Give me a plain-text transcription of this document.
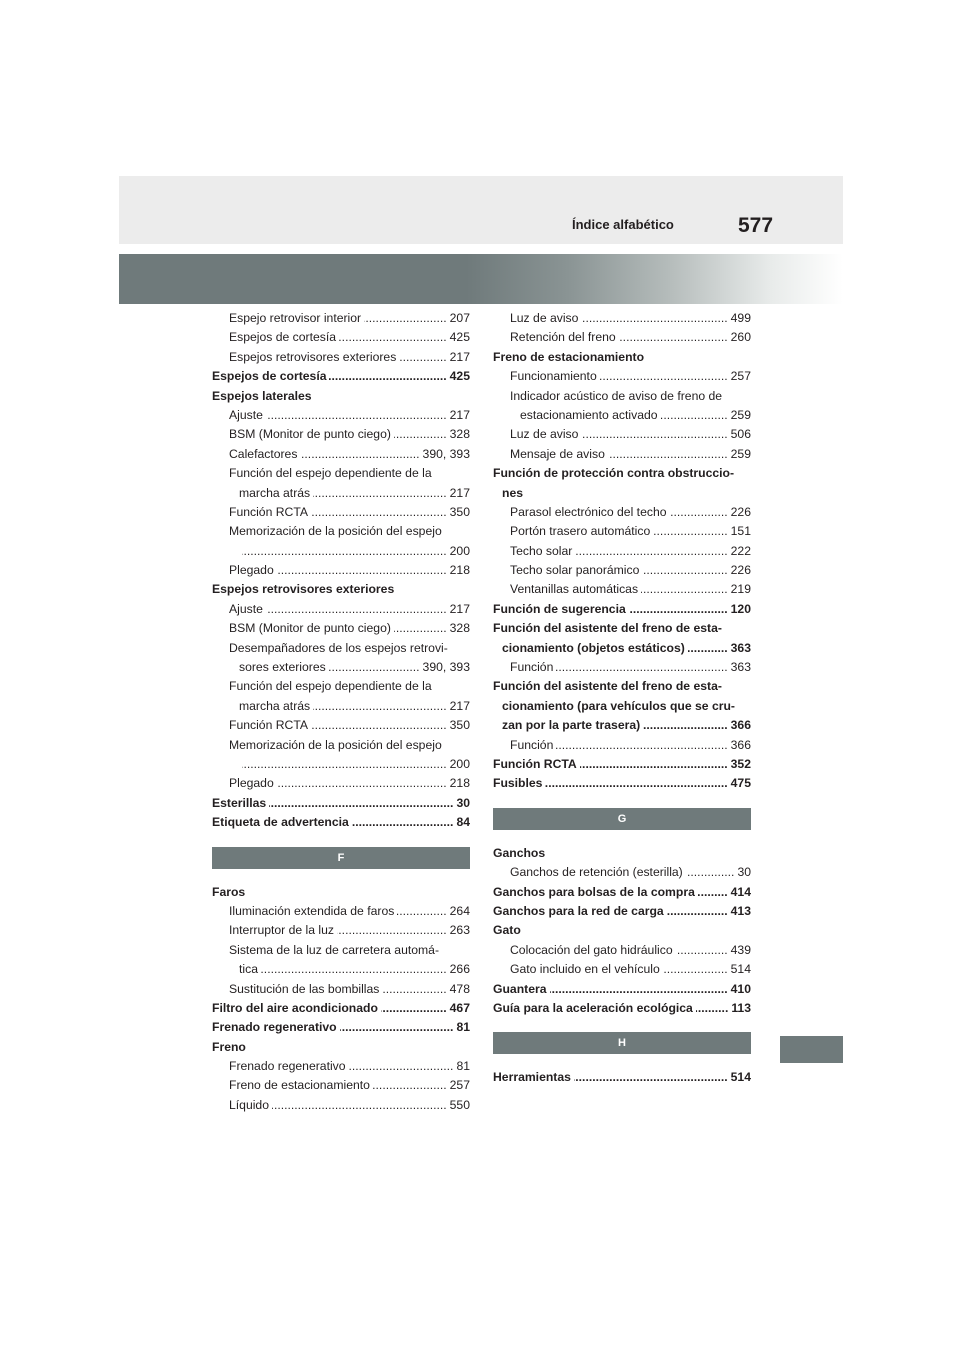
Índice alfabético	577
Espejo retrovisor interior	207
.....
Espejos de cortesía	425
.....
Espejos retrovisores exteriores	217
.....
Espejos de cortesía	425
.....
Espejos laterales
Ajuste	217
.....
BSM (Monitor de punto ciego)	328
.....
Calefactores	390, 393
.....
Función del espejo dependiente de la
marcha atrás	217
.....
Función RCTA	350
.....
Memorización de la posición del espejo
200
.....
Plegado	218
.....
Espejos retrovisores exteriores
Ajuste	217
.....
BSM (Monitor de punto ciego)	328
.....
Desempañadores de los espejos retrovi-
sores exteriores	390, 393
.....
Función del espejo dependiente de la
marcha atrás	217
.....
Función RCTA	350
.....
Memorización de la posición del espejo
200
.....
Plegado	218
.....
Esterillas	30
.....
Etiqueta de advertencia	84
.....
F
Faros
Iluminación extendida de faros	264
.....
Interruptor de la luz	263
.....
Sistema de la luz de carretera automá-
tica	266
.....
Sustitución de las bombillas	478
.....
Filtro del aire acondicionado	467
.....
Frenado regenerativo	81
.....
Freno
Frenado regenerativo	81
.....
Freno de estacionamiento	257
.....
Líquido	550
.....
Luz de aviso	499
.....
Retención del freno	260
.....
Freno de estacionamiento
Funcionamiento	257
.....
Indicador acústico de aviso de freno de
estacionamiento activado	259
.....
Luz de aviso	506
.....
Mensaje de aviso	259
.....
Función de protección contra obstruccio-
nes
Parasol electrónico del techo	226
.....
Portón trasero automático	151
.....
Techo solar	222
.....
Techo solar panorámico	226
.....
Ventanillas automáticas	219
.....
Función de sugerencia	120
.....
Función del asistente del freno de esta-
cionamiento (objetos estáticos)	363
.....
Función	363
.....
Función del asistente del freno de esta-
cionamiento (para vehículos que se cru-
zan por la parte trasera)	366
.....
Función	366
.....
Función RCTA	352
.....
Fusibles	475
.....
G
Ganchos
Ganchos de retención (esterilla)	30
.....
Ganchos para bolsas de la compra	414
.....
Ganchos para la red de carga	413
.....
Gato
Colocación del gato hidráulico	439
.....
Gato incluido en el vehículo	514
.....
Guantera	410
.....
Guía para la aceleración ecológica	113
.....
H
Herramientas	514
.....
